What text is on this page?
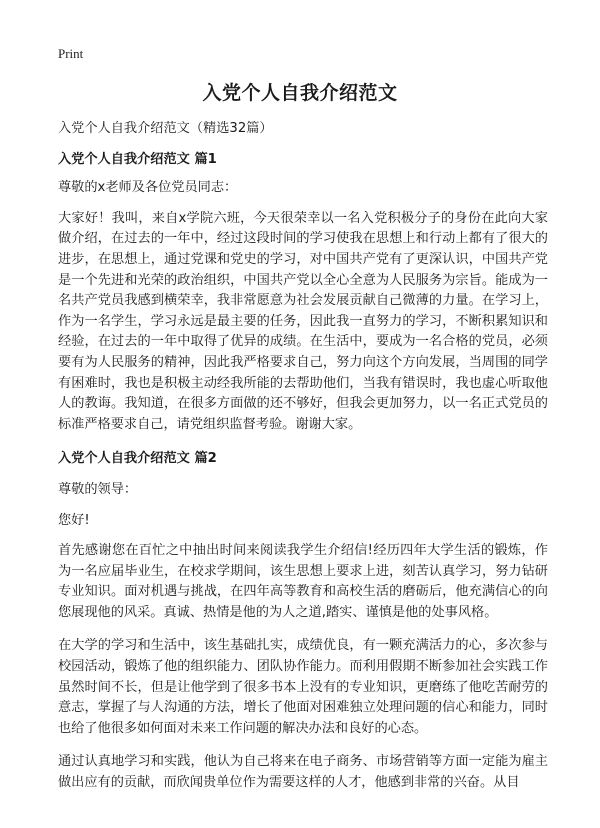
Print
入党个人自我介绍范文

入党个人自我介绍范文（精选32篇）

入党个人自我介绍范文 篇1

尊敬的x老师及各位党员同志：

大家好！我叫，来自x学院六班，今天很荣幸以一名入党积极分子的身份在此向大家做介绍，在过去的一年中，经过这段时间的学习使我在思想上和行动上都有了很大的进步，在思想上，通过党课和党史的学习，对中国共产党有了更深认识，中国共产党是一个先进和光荣的政治组织，中国共产党以全心全意为人民服务为宗旨。能成为一名共产党员我感到横荣幸，我非常愿意为社会发展贡献自己微薄的力量。在学习上，作为一名学生，学习永远是最主要的任务，因此我一直努力的学习，不断积累知识和经验，在过去的一年中取得了优异的成绩。在生活中，要成为一名合格的党员，必须要有为人民服务的精神，因此我严格要求自己，努力向这个方向发展，当周围的同学有困难时，我也是积极主动经我所能的去帮助他们，当我有错误时，我也虚心听取他人的教诲。我知道，在很多方面做的还不够好，但我会更加努力，以一名正式党员的标准严格要求自己，请党组织监督考验。谢谢大家。

入党个人自我介绍范文 篇2

尊敬的领导：

您好!

首先感谢您在百忙之中抽出时间来阅读我学生介绍信!经历四年大学生活的锻炼，作为一名应届毕业生，在校求学期间，该生思想上要求上进，刻苦认真学习，努力钻研专业知识。面对机遇与挑战，在四年高等教育和高校生活的磨砺后，他充满信心的向您展现他的风采。真诚、热情是他的为人之道,踏实、谨慎是他的处事风格。

在大学的学习和生活中，该生基础扎实，成绩优良，有一颗充满活力的心，多次参与校园活动，锻炼了他的组织能力、团队协作能力。而利用假期不断参加社会实践工作虽然时间不长，但是让他学到了很多书本上没有的专业知识，更磨练了他吃苦耐劳的意志，掌握了与人沟通的方法，增长了他面对困难独立处理问题的信心和能力，同时也给了他很多如何面对未来工作问题的解决办法和良好的心态。

通过认真地学习和实践，他认为自己将来在电子商务、市场营销等方面一定能为雇主做出应有的贡献，而欣闻贵单位作为需要这样的人才，他感到非常的兴奋。从目
